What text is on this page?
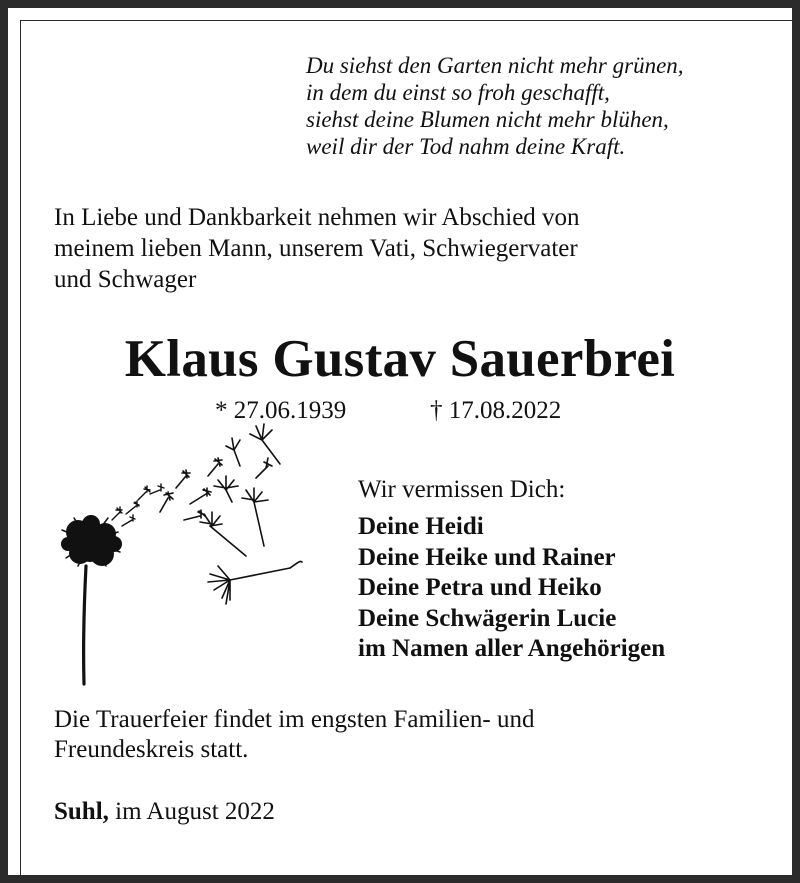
Du siehst den Garten nicht mehr grünen,
in dem du einst so froh geschafft,
siehst deine Blumen nicht mehr blühen,
weil dir der Tod nahm deine Kraft.
In Liebe und Dankbarkeit nehmen wir Abschied von
meinem lieben Mann, unserem Vati, Schwiegervater
und Schwager
Klaus Gustav Sauerbrei
* 27.06.1939	† 17.08.2022
Wir vermissen Dich:
Deine Heidi
Deine Heike und Rainer
Deine Petra und Heiko
Deine Schwägerin Lucie
im Namen aller Angehörigen
Die Trauerfeier findet im engsten Familien- und
Freundeskreis statt.
Suhl, im August 2022
